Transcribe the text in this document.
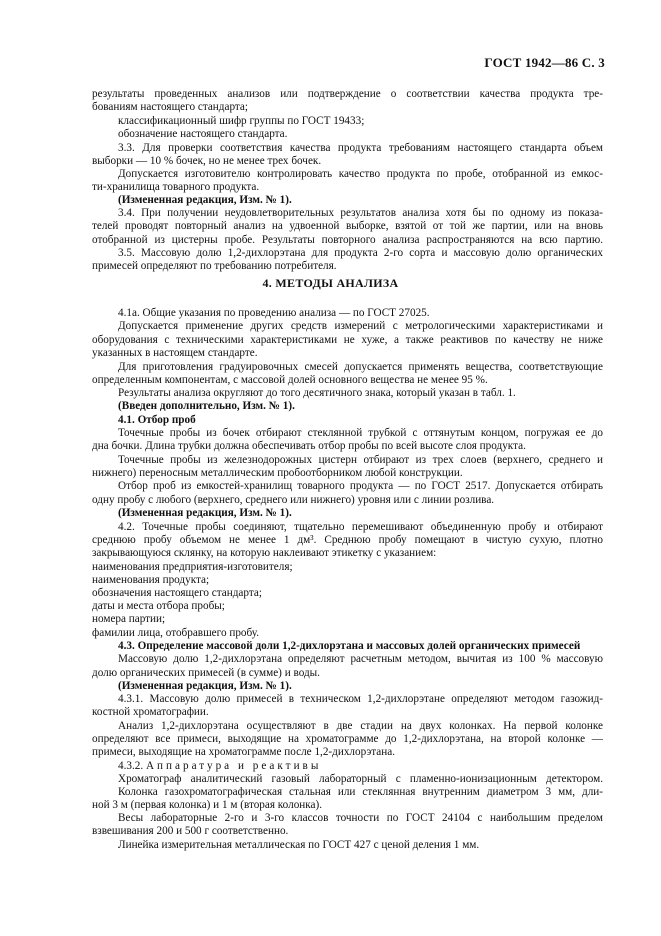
ГОСТ 1942—86 С. 3
4. МЕТОДЫ АНАЛИЗА
результаты проведенных анализов или подтверждение о соответствии качества продукта тре-
бованиям настоящего стандарта;
классификационный шифр группы по ГОСТ 19433;
обозначение настоящего стандарта.
3.3. Для проверки соответствия качества продукта требованиям настоящего стандарта объем
выборки — 10 % бочек, но не менее трех бочек.
Допускается изготовителю контролировать качество продукта по пробе, отобранной из емкос-
ти-хранилища товарного продукта.
(Измененная редакция, Изм. № 1).
3.4. При получении неудовлетворительных результатов анализа хотя бы по одному из показа-
телей проводят повторный анализ на удвоенной выборке, взятой от той же партии, или на вновь
отобранной из цистерны пробе. Результаты повторного анализа распространяются на всю партию.
3.5. Массовую долю 1,2-дихлорэтана для продукта 2-го сорта и массовую долю органических
примесей определяют по требованию потребителя.
4.1а. Общие указания по проведению анализа — по ГОСТ 27025.
Допускается применение других средств измерений с метрологическими характеристиками и
оборудования с техническими характеристиками не хуже, а также реактивов по качеству не ниже
указанных в настоящем стандарте.
Для приготовления градуировочных смесей допускается применять вещества, соответствующие
определенным компонентам, с массовой долей основного вещества не менее 95 %.
Результаты анализа округляют до того десятичного знака, который указан в табл. 1.
(Введен дополнительно, Изм. № 1).
4.1. Отбор проб
Точечные пробы из бочек отбирают стеклянной трубкой с оттянутым концом, погружая ее до
дна бочки. Длина трубки должна обеспечивать отбор пробы по всей высоте слоя продукта.
Точечные пробы из железнодорожных цистерн отбирают из трех слоев (верхнего, среднего и
нижнего) переносным металлическим пробоотборником любой конструкции.
Отбор проб из емкостей-хранилищ товарного продукта — по ГОСТ 2517. Допускается отбирать
одну пробу с любого (верхнего, среднего или нижнего) уровня или с линии розлива.
(Измененная редакция, Изм. № 1).
4.2. Точечные пробы соединяют, тщательно перемешивают объединенную пробу и отбирают
среднюю пробу объемом не менее 1 дм³. Среднюю пробу помещают в чистую сухую, плотно
закрывающуюся склянку, на которую наклеивают этикетку с указанием:
наименования предприятия-изготовителя;
наименования продукта;
обозначения настоящего стандарта;
даты и места отбора пробы;
номера партии;
фамилии лица, отобравшего пробу.
4.3. Определение массовой доли 1,2-дихлорэтана и массовых долей органических примесей
Массовую долю 1,2-дихлорэтана определяют расчетным методом, вычитая из 100 % массовую
долю органических примесей (в сумме) и воды.
(Измененная редакция, Изм. № 1).
4.3.1. Массовую долю примесей в техническом 1,2-дихлорэтане определяют методом газожид-
костной хроматографии.
Анализ 1,2-дихлорэтана осуществляют в две стадии на двух колонках. На первой колонке
определяют все примеси, выходящие на хроматограмме до 1,2-дихлорэтана, на второй колонке —
примеси, выходящие на хроматограмме после 1,2-дихлорэтана.
4.3.2. Аппаратура и реактивы
Хроматограф аналитический газовый лабораторный с пламенно-ионизационным детектором.
Колонка газохроматографическая стальная или стеклянная внутренним диаметром 3 мм, дли-
ной 3 м (первая колонка) и 1 м (вторая колонка).
Весы лабораторные 2-го и 3-го классов точности по ГОСТ 24104 с наибольшим пределом
взвешивания 200 и 500 г соответственно.
Линейка измерительная металлическая по ГОСТ 427 с ценой деления 1 мм.
